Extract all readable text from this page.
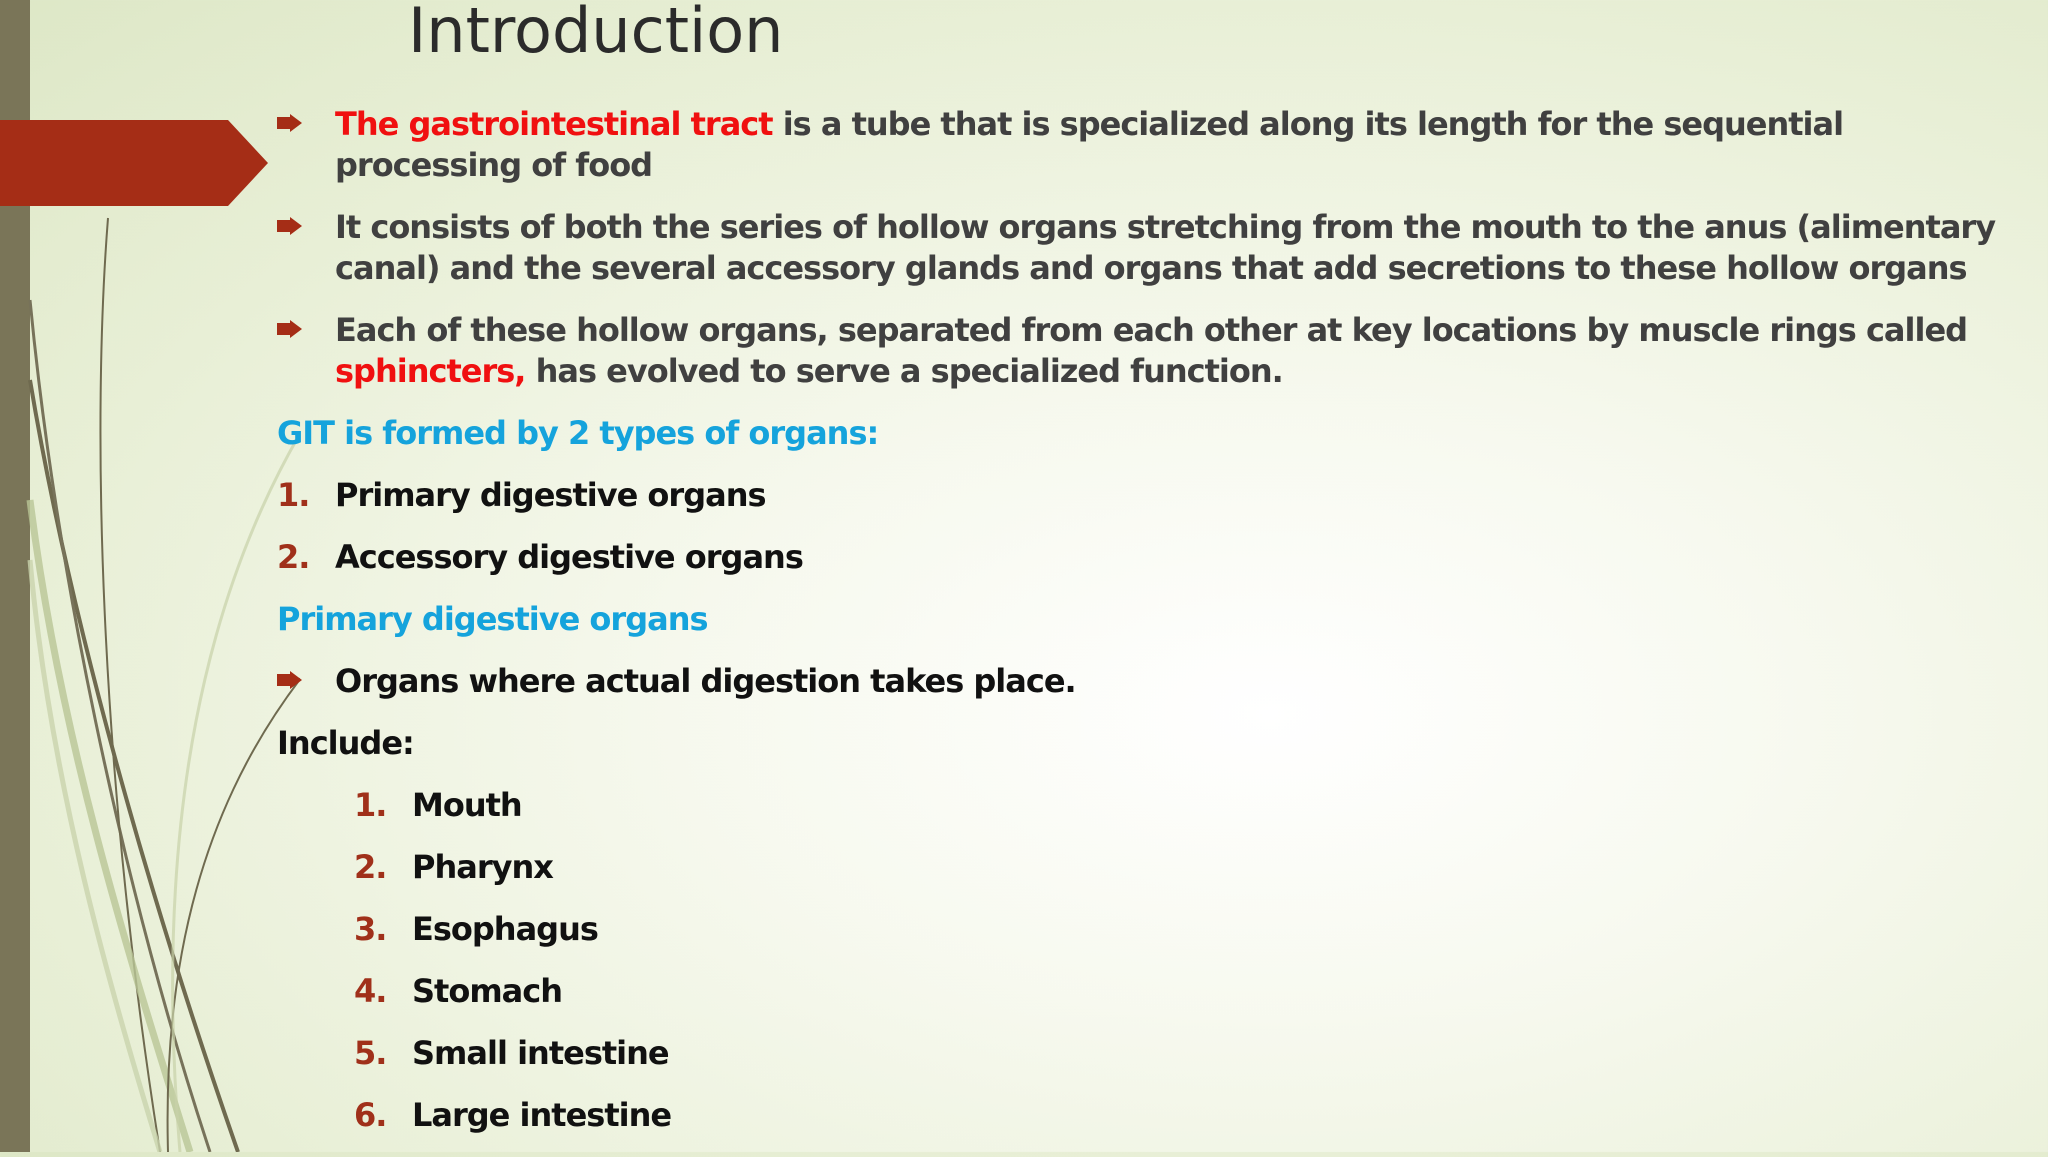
Introduction
The gastrointestinal tract is a tube that is specialized along its length for the sequential processing of food
It consists of both the series of hollow organs stretching from the mouth to the anus (alimentary canal) and the several accessory glands and organs that add secretions to these hollow organs
Each of these hollow organs, separated from each other at key locations by muscle rings called sphincters, has evolved to serve a specialized function.
GIT is formed by 2 types of organs:
1. Primary digestive organs
2. Accessory digestive organs
Primary digestive organs
Organs where actual digestion takes place.
Include:
1. Mouth
2. Pharynx
3. Esophagus
4. Stomach
5. Small intestine
6. Large intestine
